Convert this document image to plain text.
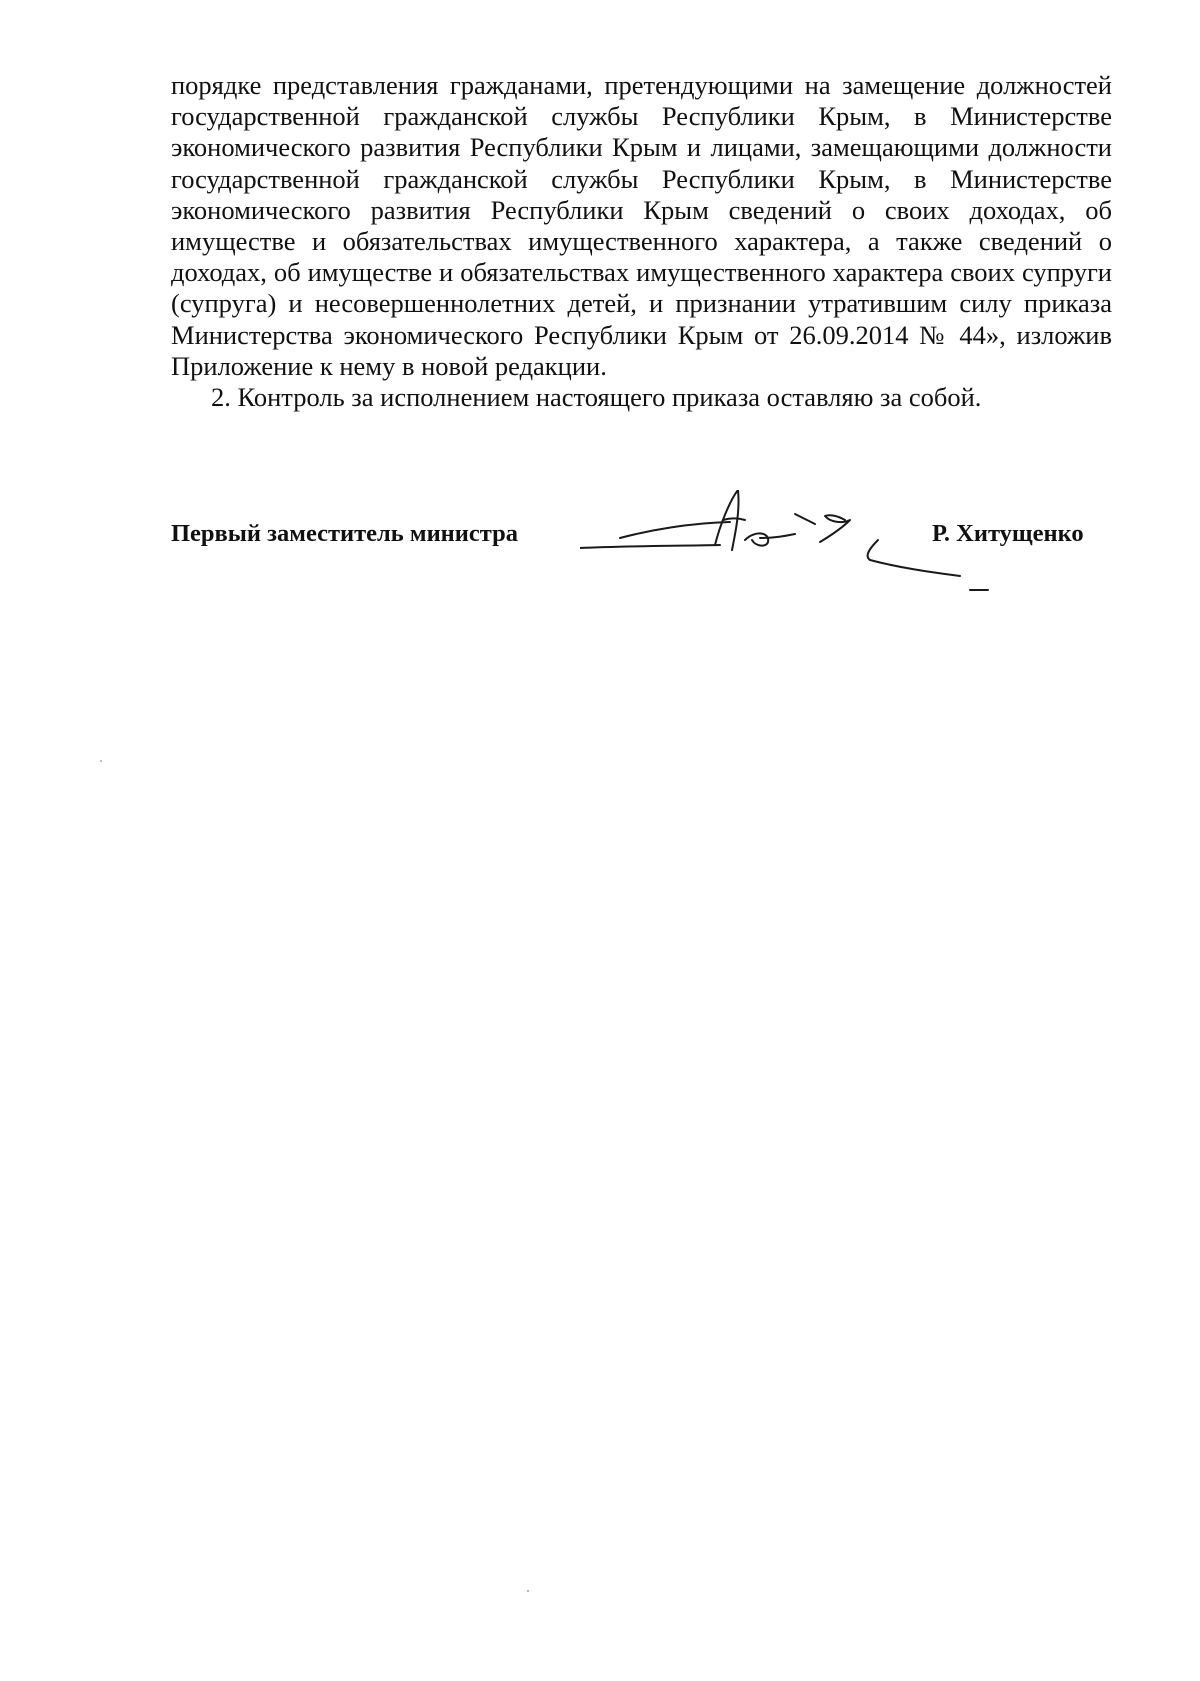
порядке представления гражданами, претендующими на замещение должностей государственной гражданской службы Республики Крым, в Министерстве экономического развития Республики Крым и лицами, замещающими должности государственной гражданской службы Республики Крым, в Министерстве экономического развития Республики Крым сведений о своих доходах, об имуществе и обязательствах имущественного характера, а также сведений о доходах, об имуществе и обязательствах имущественного характера своих супруги (супруга) и несовершеннолетних детей, и признании утратившим силу приказа Министерства экономического Республики Крым от 26.09.2014 № 44», изложив Приложение к нему в новой редакции.

2. Контроль за исполнением настоящего приказа оставляю за собой.

Первый заместитель министра	Р. Хитущенко
